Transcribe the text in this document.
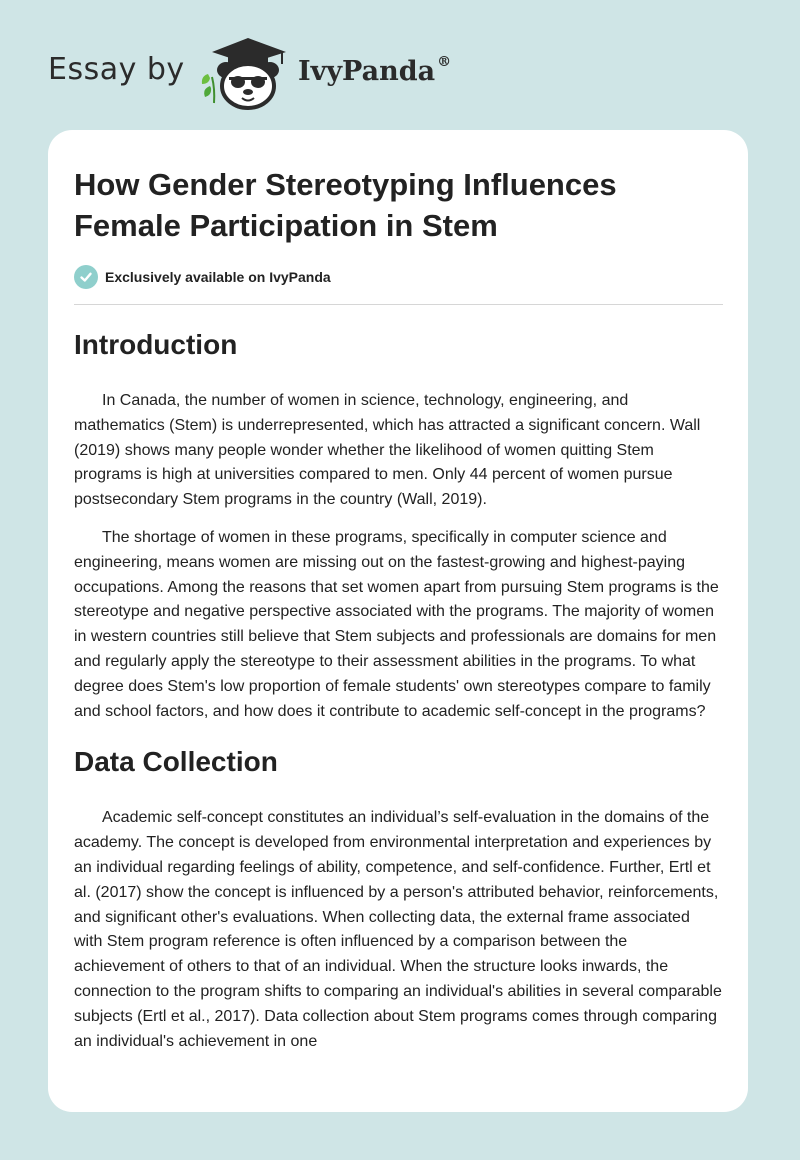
Essay by	IvyPanda ®
How Gender Stereotyping Influences
Female Participation in Stem
Exclusively available on IvyPanda
Introduction

In Canada, the number of women in science, technology, engineering, and mathematics (Stem) is underrepresented, which has attracted a significant concern. Wall (2019) shows many people wonder whether the likelihood of women quitting Stem programs is high at universities compared to men. Only 44 percent of women pursue postsecondary Stem programs in the country (Wall, 2019).

The shortage of women in these programs, specifically in computer science and engineering, means women are missing out on the fastest-growing and highest-paying occupations. Among the reasons that set women apart from pursuing Stem programs is the stereotype and negative perspective associated with the programs. The majority of women in western countries still believe that Stem subjects and professionals are domains for men and regularly apply the stereotype to their assessment abilities in the programs. To what degree does Stem's low proportion of female students' own stereotypes compare to family and school factors, and how does it contribute to academic self-concept in the programs?

Data Collection

Academic self-concept constitutes an individual’s self-evaluation in the domains of the academy. The concept is developed from environmental interpretation and experiences by an individual regarding feelings of ability, competence, and self-confidence. Further, Ertl et al. (2017) show the concept is influenced by a person's attributed behavior, reinforcements, and significant other's evaluations. When collecting data, the external frame associated with Stem program reference is often influenced by a comparison between the achievement of others to that of an individual. When the structure looks inwards, the connection to the program shifts to comparing an individual's abilities in several comparable subjects (Ertl et al., 2017). Data collection about Stem programs comes through comparing an individual's achievement in one
